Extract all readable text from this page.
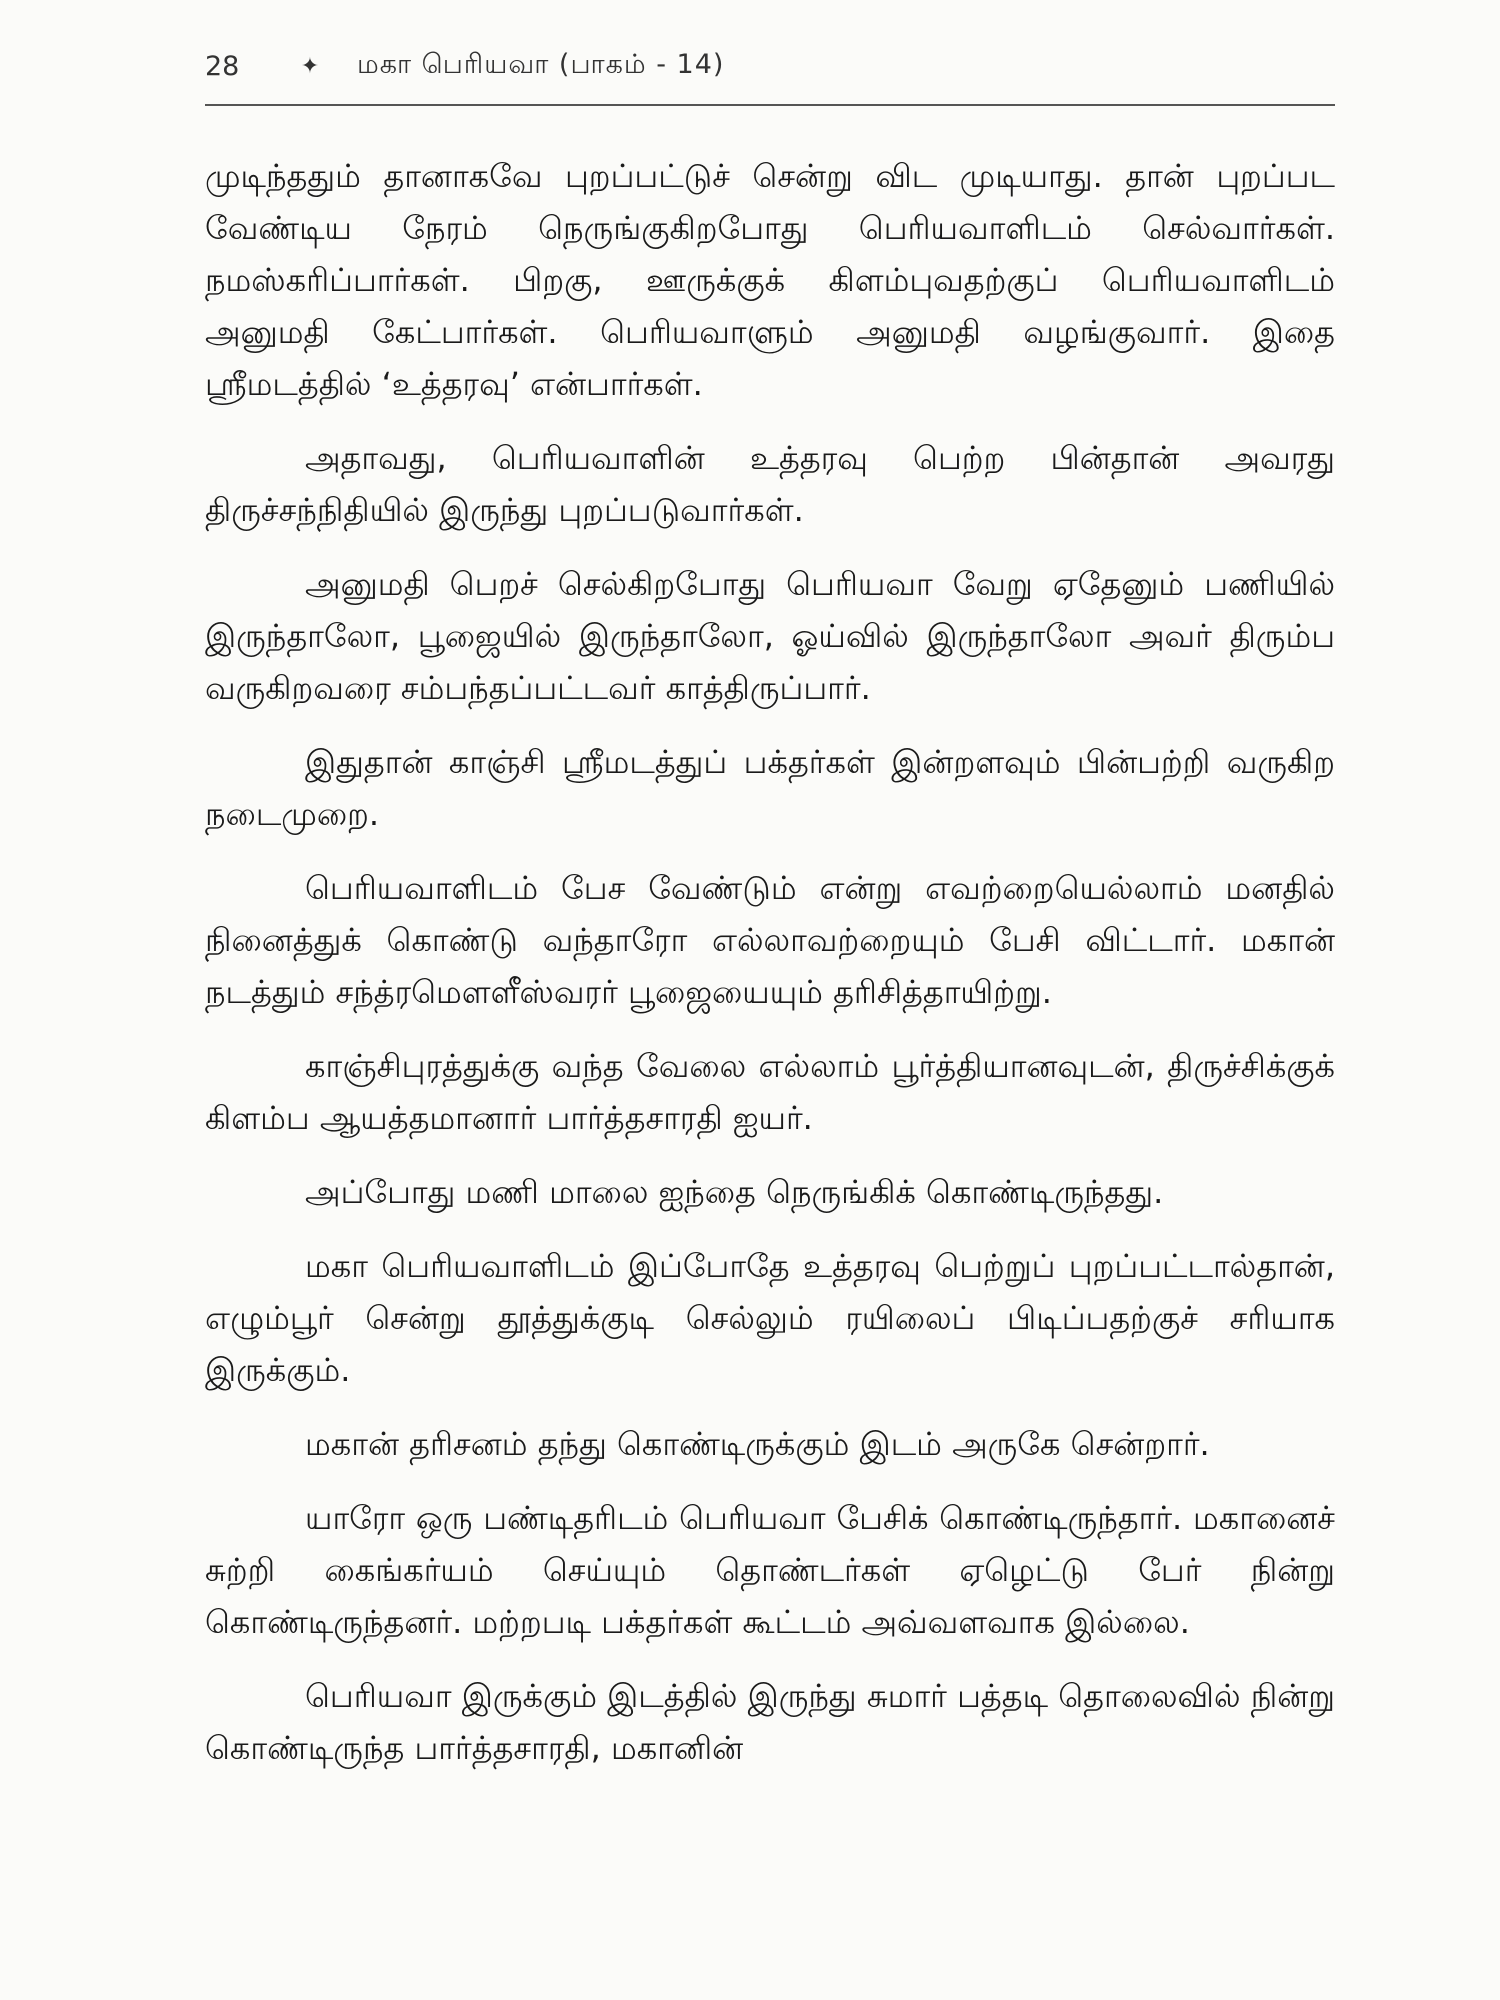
28	✦	மகா பெரியவா (பாகம் - 14)

முடிந்ததும் தானாகவே புறப்பட்டுச் சென்று விட முடியாது. தான் புறப்பட வேண்டிய நேரம் நெருங்குகிறபோது பெரியவாளிடம் செல்வார்கள். நமஸ்கரிப்பார்கள். பிறகு, ஊருக்குக் கிளம்புவதற்குப் பெரியவாளிடம் அனுமதி கேட்பார்கள். பெரியவாளும் அனுமதி வழங்குவார். இதை ஸ்ரீமடத்தில் ‘உத்தரவு’ என்பார்கள்.

அதாவது, பெரியவாளின் உத்தரவு பெற்ற பின்தான் அவரது திருச்சந்நிதியில் இருந்து புறப்படுவார்கள்.

அனுமதி பெறச் செல்கிறபோது பெரியவா வேறு ஏதேனும் பணியில் இருந்தாலோ, பூஜையில் இருந்தாலோ, ஓய்வில் இருந்தாலோ அவர் திரும்ப வருகிறவரை சம்பந்தப்பட்டவர் காத்திருப்பார்.

இதுதான் காஞ்சி ஸ்ரீமடத்துப் பக்தர்கள் இன்றளவும் பின்பற்றி வருகிற நடைமுறை.

பெரியவாளிடம் பேச வேண்டும் என்று எவற்றையெல்லாம் மனதில் நினைத்துக் கொண்டு வந்தாரோ எல்லாவற்றையும் பேசி விட்டார். மகான் நடத்தும் சந்த்ரமௌளீஸ்வரர் பூஜையையும் தரிசித்தாயிற்று.

காஞ்சிபுரத்துக்கு வந்த வேலை எல்லாம் பூர்த்தியானவுடன், திருச்சிக்குக் கிளம்ப ஆயத்தமானார் பார்த்தசாரதி ஐயர்.

அப்போது மணி மாலை ஐந்தை நெருங்கிக் கொண்டிருந்தது.

மகா பெரியவாளிடம் இப்போதே உத்தரவு பெற்றுப் புறப்பட்டால்தான், எழும்பூர் சென்று தூத்துக்குடி செல்லும் ரயிலைப் பிடிப்பதற்குச் சரியாக இருக்கும்.

மகான் தரிசனம் தந்து கொண்டிருக்கும் இடம் அருகே சென்றார்.

யாரோ ஒரு பண்டிதரிடம் பெரியவா பேசிக் கொண்டிருந்தார். மகானைச் சுற்றி கைங்கர்யம் செய்யும் தொண்டர்கள் ஏழெட்டு பேர் நின்று கொண்டிருந்தனர். மற்றபடி பக்தர்கள் கூட்டம் அவ்வளவாக இல்லை.

பெரியவா இருக்கும் இடத்தில் இருந்து சுமார் பத்தடி தொலைவில் நின்று கொண்டிருந்த பார்த்தசாரதி, மகானின்
